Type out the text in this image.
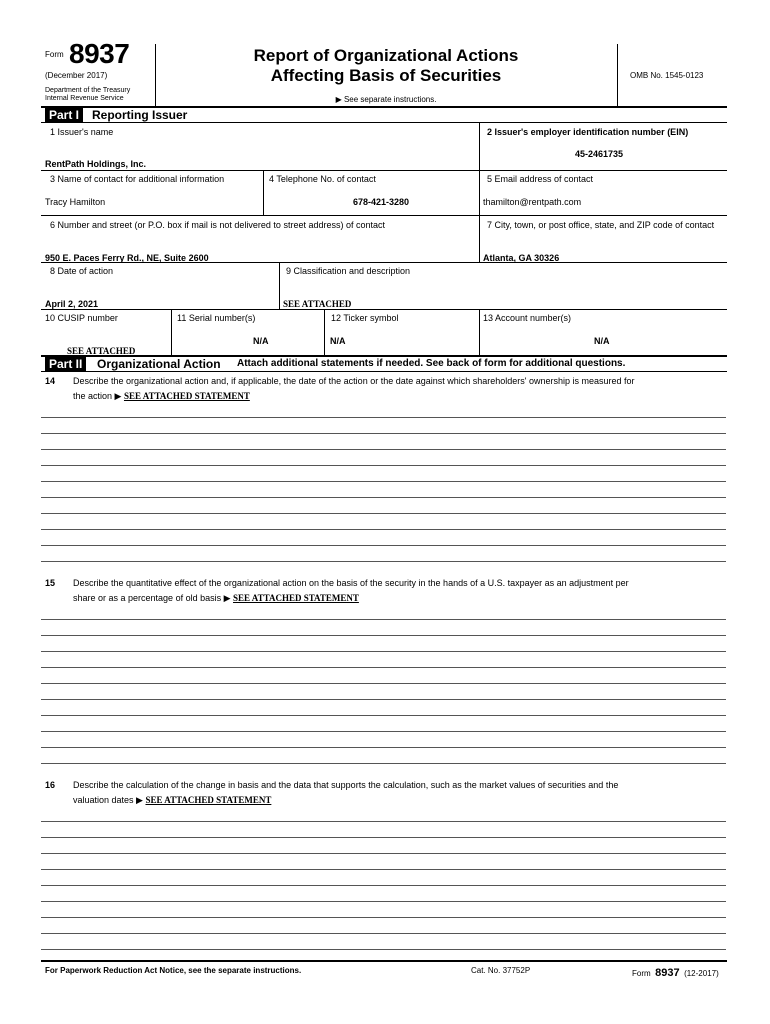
Form 8937
(December 2017)
Department of the Treasury
Internal Revenue Service
Report of Organizational Actions
Affecting Basis of Securities
▶ See separate instructions.
OMB No. 1545-0123
Part I	Reporting Issuer
1 Issuer's name
RentPath Holdings, Inc.
2 Issuer's employer identification number (EIN)
45-2461735
3 Name of contact for additional information
Tracy Hamilton
4 Telephone No. of contact
678-421-3280
5 Email address of contact
thamilton@rentpath.com
6 Number and street (or P.O. box if mail is not delivered to street address) of contact
950 E. Paces Ferry Rd., NE, Suite 2600
7 City, town, or post office, state, and ZIP code of contact
Atlanta, GA 30326
8 Date of action
April 2, 2021
9 Classification and description
SEE ATTACHED
10 CUSIP number
SEE ATTACHED
11 Serial number(s)
N/A
12 Ticker symbol
N/A
13 Account number(s)
N/A
Part II	Organizational Action Attach additional statements if needed. See back of form for additional questions.
14 Describe the organizational action and, if applicable, the date of the action or the date against which shareholders' ownership is measured for
the action ▶ SEE ATTACHED STATEMENT
15 Describe the quantitative effect of the organizational action on the basis of the security in the hands of a U.S. taxpayer as an adjustment per
share or as a percentage of old basis ▶ SEE ATTACHED STATEMENT
16 Describe the calculation of the change in basis and the data that supports the calculation, such as the market values of securities and the
valuation dates ▶ SEE ATTACHED STATEMENT
For Paperwork Reduction Act Notice, see the separate instructions.	Cat. No. 37752P	Form 8937 (12-2017)
